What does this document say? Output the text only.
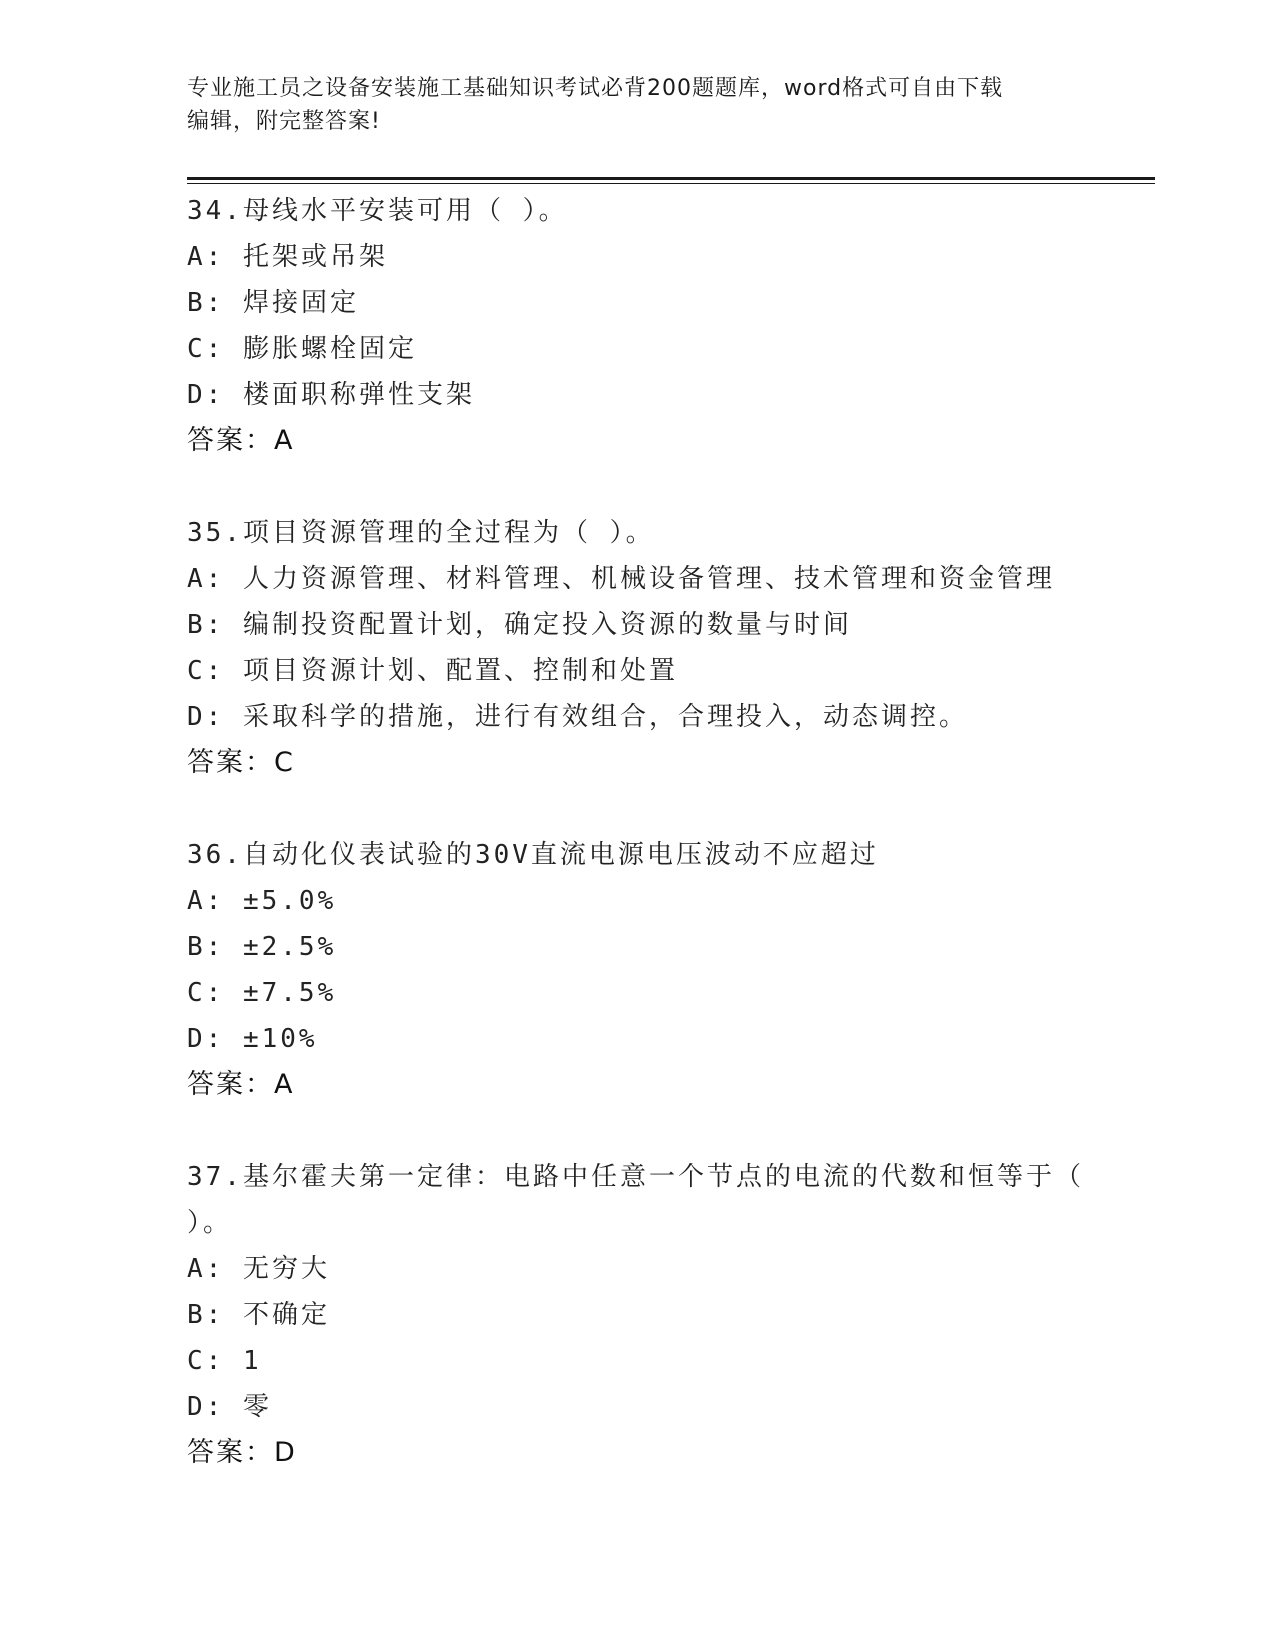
专业施工员之设备安装施工基础知识考试必背200题题库，word格式可自由下载
编辑，附完整答案!
34.母线水平安装可用（ ）。
A: 托架或吊架
B: 焊接固定
C: 膨胀螺栓固定
D: 楼面职称弹性支架
答案：A
35.项目资源管理的全过程为（ ）。
A: 人力资源管理、材料管理、机械设备管理、技术管理和资金管理
B: 编制投资配置计划，确定投入资源的数量与时间
C: 项目资源计划、配置、控制和处置
D: 采取科学的措施，进行有效组合，合理投入，动态调控。
答案：C
36.自动化仪表试验的30V直流电源电压波动不应超过
A: ±5.0%
B: ±2.5%
C: ±7.5%
D: ±10%
答案：A
37.基尔霍夫第一定律：电路中任意一个节点的电流的代数和恒等于（
）。
A: 无穷大
B: 不确定
C: 1
D: 零
答案：D
